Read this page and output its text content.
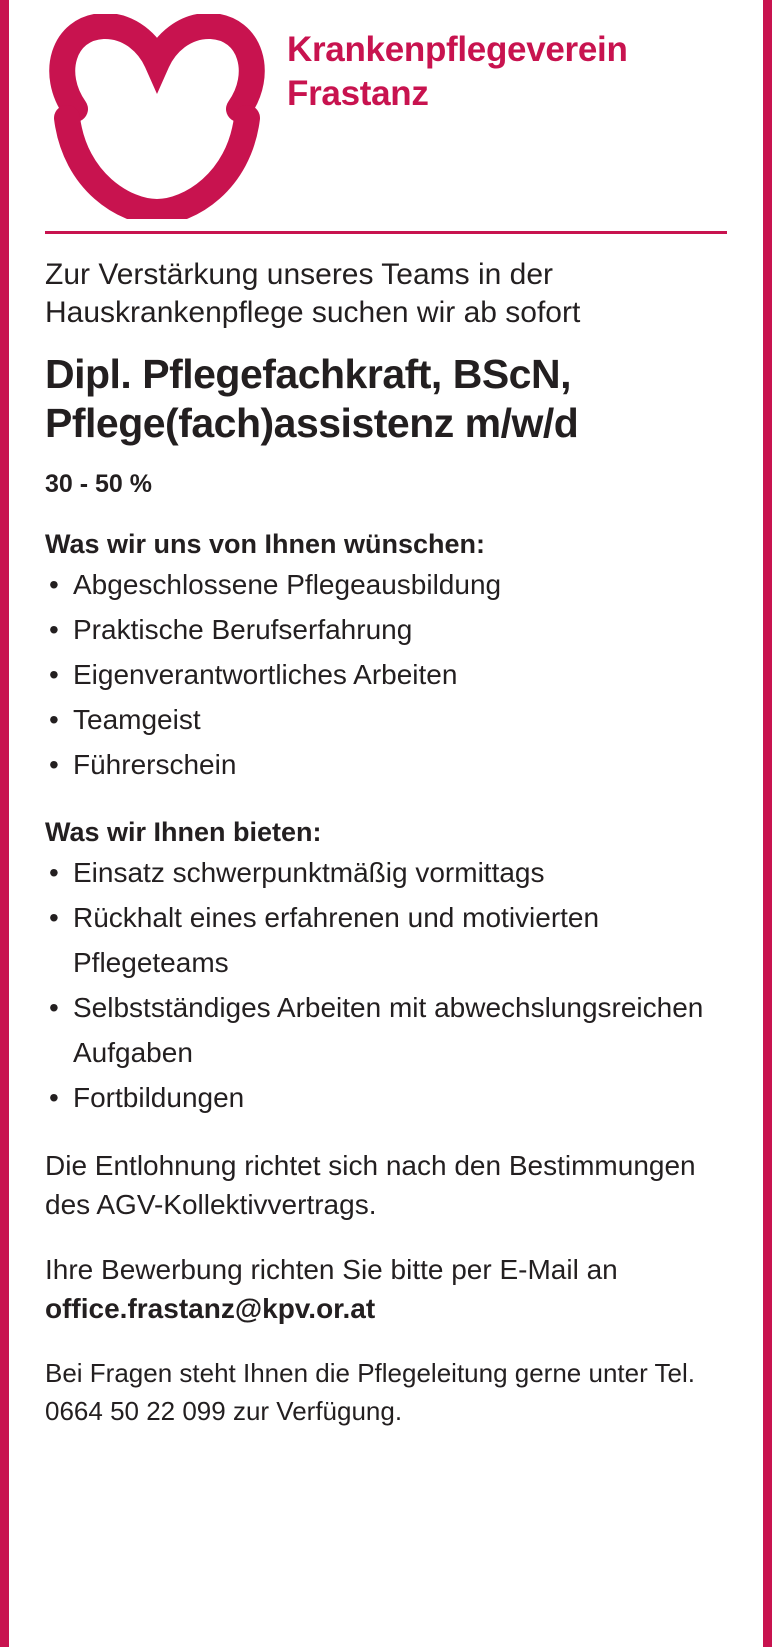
Krankenpflegeverein
Frastanz
Zur Verstärkung unseres Teams in der Hauskrankenpflege suchen wir ab sofort
Dipl. Pflegefachkraft, BScN,
Pflege(fach)assistenz m/w/d
30 - 50 %
Was wir uns von Ihnen wünschen:
• Abgeschlossene Pflegeausbildung
• Praktische Berufserfahrung
• Eigenverantwortliches Arbeiten
• Teamgeist
• Führerschein
Was wir Ihnen bieten:
• Einsatz schwerpunktmäßig vormittags
• Rückhalt eines erfahrenen und motivierten Pflegeteams
• Selbstständiges Arbeiten mit abwechslungsreichen Aufgaben
• Fortbildungen
Die Entlohnung richtet sich nach den Bestimmungen des AGV-Kollektivvertrags.
Ihre Bewerbung richten Sie bitte per E-Mail an office.frastanz@kpv.or.at
Bei Fragen steht Ihnen die Pflegeleitung gerne unter Tel. 0664 50 22 099 zur Verfügung.
